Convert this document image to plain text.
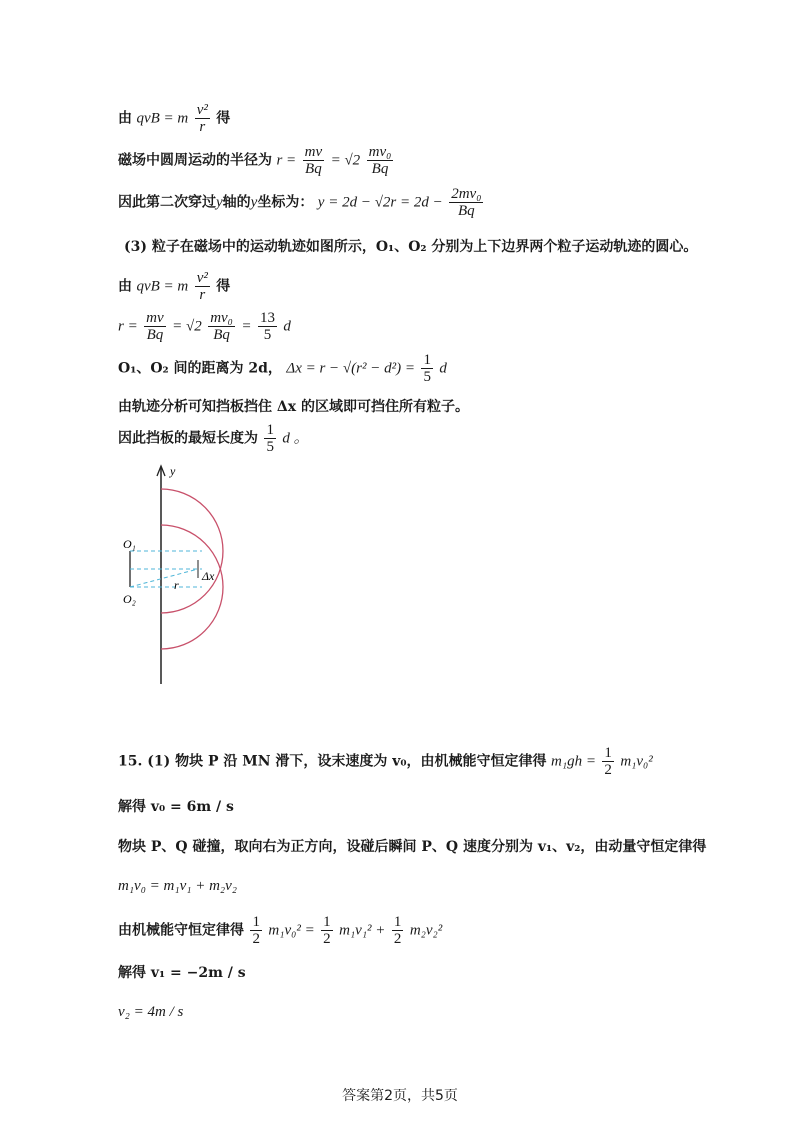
由 qvB = m $\frac{\text{v²}}{r}$ 得
磁场中圆周运动的半径为 $r = \frac{mv}{Bq} = √2 \frac{\text{mv₀}}{Bq}$
因此第二次穿过y轴的y坐标为： $y = 2d - √2r = 2d - \frac{\text{2mv₀}}{Bq}$
(3) 粒子在磁场中的运动轨迹如图所示，O₁、O₂ 分别为上下边界两个粒子运动轨迹的圆心。
由 qvB = m $\frac{\text{v²}}{r}$ 得
$r = \frac{mv}{Bq} = √2 \frac{\text{mv₀}}{Bq} = \frac{13}{5}$ d
O₁、O₂ 间的距离为 2d， $\Delta x = r - √(r^2 - d^2) = \frac{1}{5}$ d
由轨迹分析可知挡板挡住 Δx 的区域即可挡住所有粒子。
因此挡板的最短长度为 $\frac{1}{5}$ d 。
y
O₁
O₂
r
Δx
15. (1) 物块 P 沿 MN 滑下，设末速度为 v₀，由机械能守恒定律得 $m_1gh = \frac{1}{2} m_1v_0^2$
解得 v₀ = 6m / s
物块 P、Q 碰撞，取向右为正方向，设碰后瞬间 P、Q 速度分别为 v₁、v₂，由动量守恒定律得
m₁v₀ = m₁v₁ + m₂v₂
由机械能守恒定律得 $\frac{1}{2} m_1v_0^2 = \frac{1}{2} m_1v_1^2 + \frac{1}{2} m_2v_2^2$
解得 v₁ = −2m / s
v₂ = 4m / s
答案第2页，共5页
